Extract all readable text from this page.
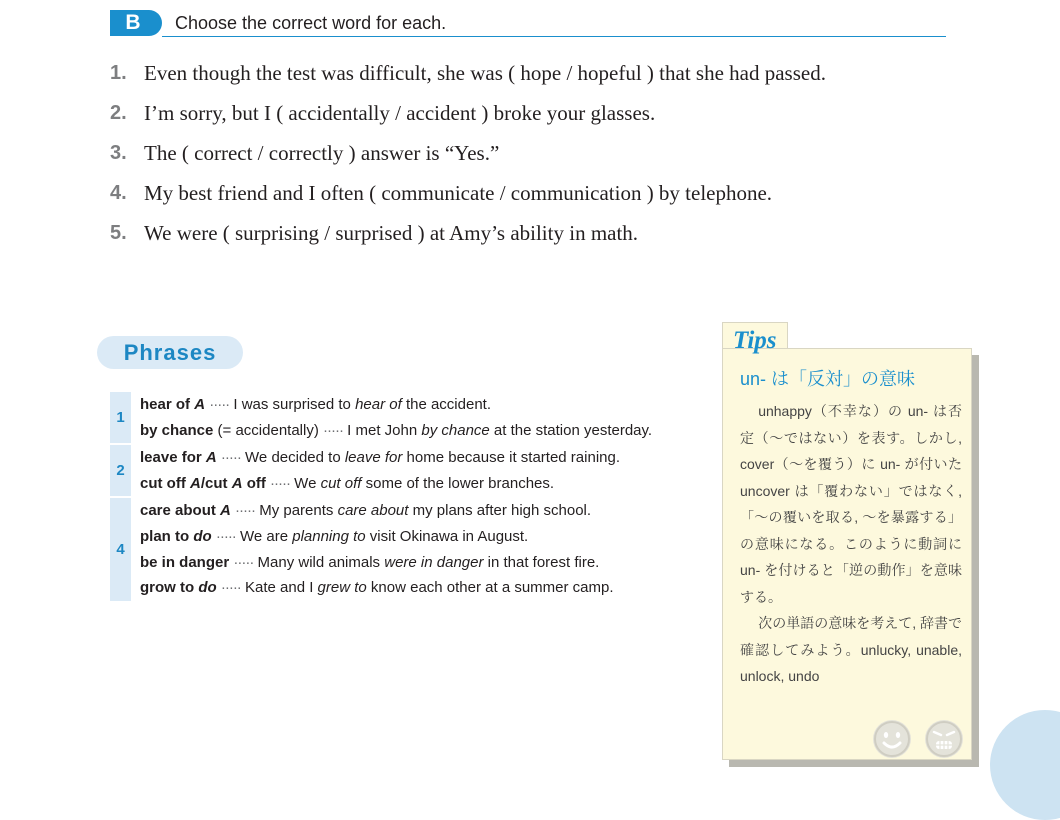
B	Choose the correct word for each.
1. Even though the test was difficult, she was ( hope / hopeful ) that she had passed.
2. I’m sorry, but I ( accidentally / accident ) broke your glasses.
3. The ( correct / correctly ) answer is “Yes.”
4. My best friend and I often ( communicate / communication ) by telephone.
5. We were ( surprising / surprised ) at Amy’s ability in math.
Phrases
1
hear of A ····· I was surprised to hear of the accident.
by chance (= accidentally) ····· I met John by chance at the station yesterday.
2
leave for A ····· We decided to leave for home because it started raining.
cut off A/cut A off ····· We cut off some of the lower branches.
4
care about A ····· My parents care about my plans after high school.
plan to do ····· We are planning to visit Okinawa in August.
be in danger ····· Many wild animals were in danger in that forest fire.
grow to do ····· Kate and I grew to know each other at a summer camp.
Tips
un- は「反対」の意味

unhappy（不幸な）の un- は否定（〜ではない）を表す。しかし, cover（〜を覆う）に un- が付いた uncover は「覆わない」ではなく,「〜の覆いを取る, 〜を暴露する」の意味になる。このように動詞に un- を付けると「逆の動作」を意味する。

次の単語の意味を考えて, 辞書で確認してみよう。unlucky, unable, unlock, undo
